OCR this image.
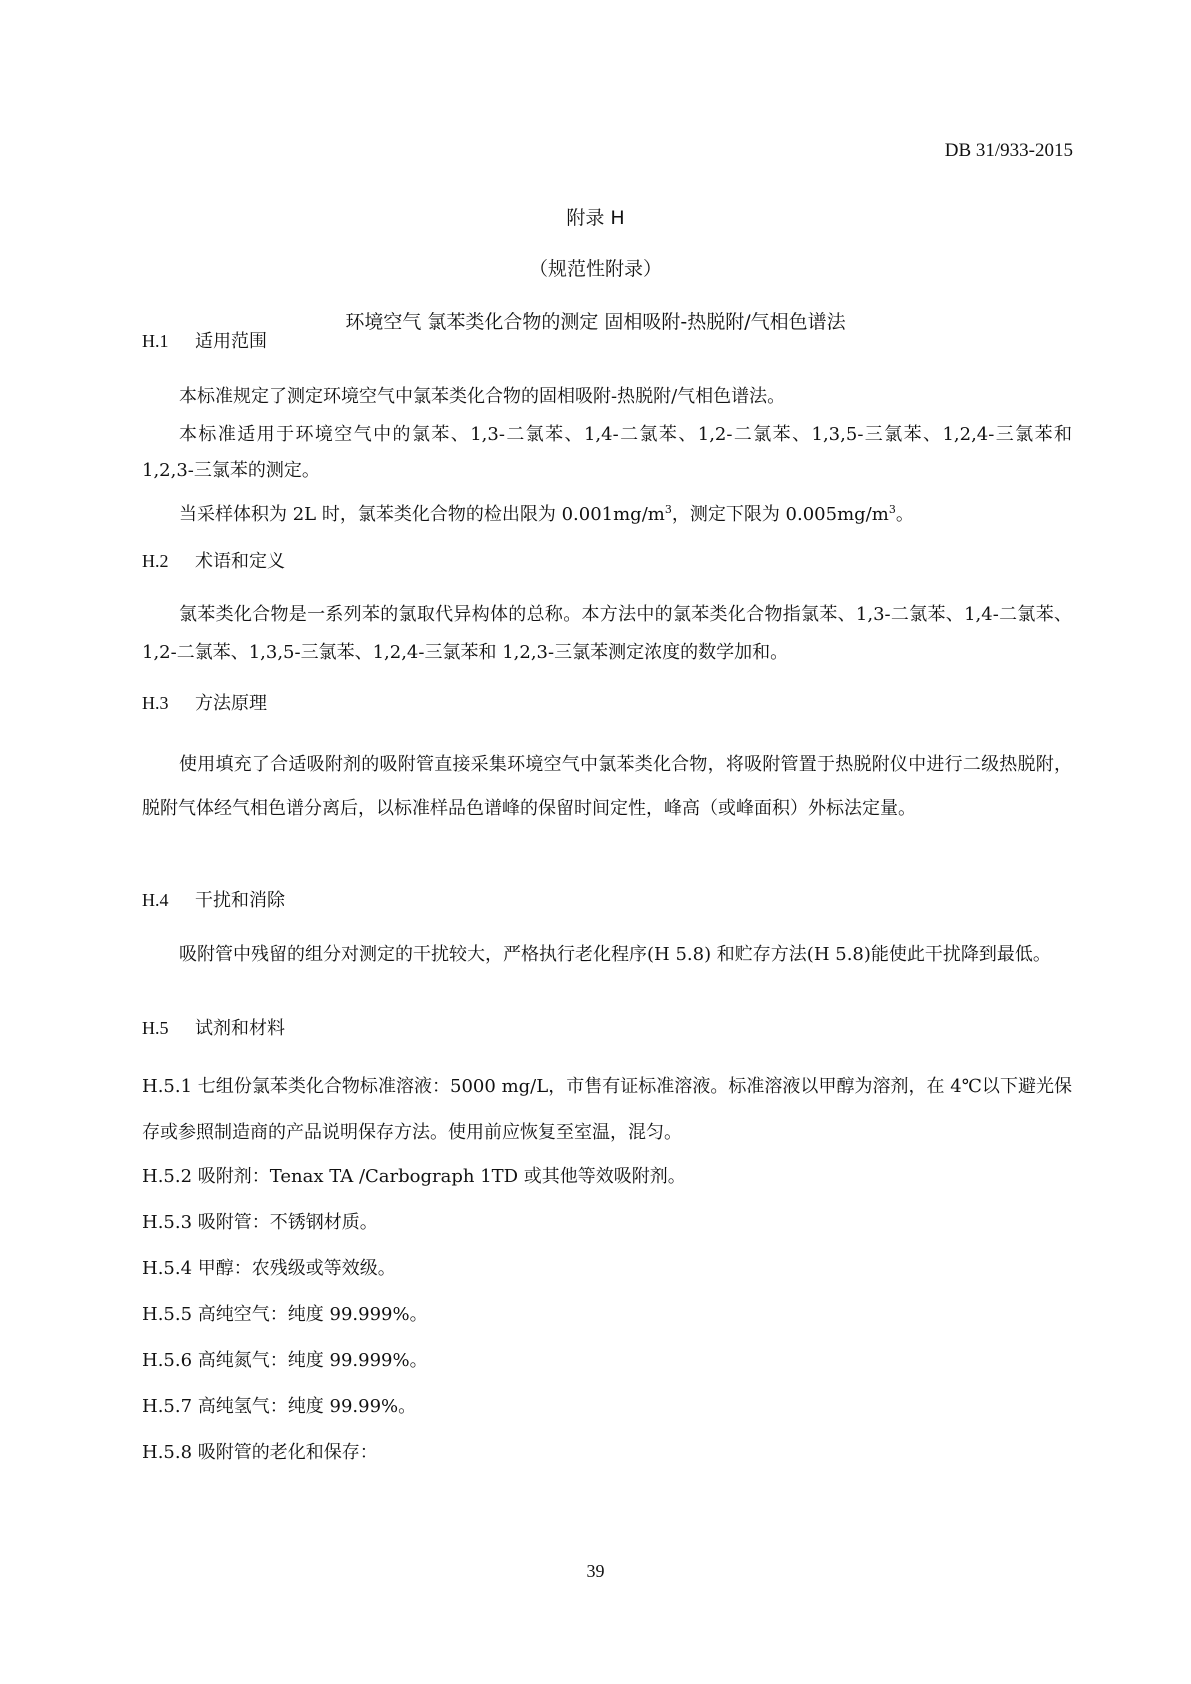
DB 31/933-2015
附录 H
（规范性附录）
环境空气 氯苯类化合物的测定 固相吸附-热脱附/气相色谱法
H.1 适用范围
本标准规定了测定环境空气中氯苯类化合物的固相吸附-热脱附/气相色谱法。
本标准适用于环境空气中的氯苯、1,3-二氯苯、1,4-二氯苯、1,2-二氯苯、1,3,5-三氯苯、1,2,4-三氯苯和 1,2,3-三氯苯的测定。
当采样体积为 2L 时，氯苯类化合物的检出限为 $0.001mg/m^3$，测定下限为 $0.005mg/m^3$。
H.2 术语和定义
氯苯类化合物是一系列苯的氯取代异构体的总称。本方法中的氯苯类化合物指氯苯、1,3-二氯苯、1,4-二氯苯、1,2-二氯苯、1,3,5-三氯苯、1,2,4-三氯苯和 1,2,3-三氯苯测定浓度的数学加和。
H.3 方法原理
使用填充了合适吸附剂的吸附管直接采集环境空气中氯苯类化合物，将吸附管置于热脱附仪中进行二级热脱附，脱附气体经气相色谱分离后，以标准样品色谱峰的保留时间定性，峰高（或峰面积）外标法定量。
H.4 干扰和消除
吸附管中残留的组分对测定的干扰较大，严格执行老化程序(H 5.8) 和贮存方法(H 5.8)能使此干扰降到最低。
H.5 试剂和材料
H.5.1 七组份氯苯类化合物标准溶液：5000 mg/L，市售有证标准溶液。标准溶液以甲醇为溶剂，在 4℃以下避光保存或参照制造商的产品说明保存方法。使用前应恢复至室温，混匀。
H.5.2 吸附剂：Tenax TA /Carbograph 1TD 或其他等效吸附剂。
H.5.3 吸附管：不锈钢材质。
H.5.4 甲醇：农残级或等效级。
H.5.5 高纯空气：纯度 99.999%。
H.5.6 高纯氮气：纯度 99.999%。
H.5.7 高纯氢气：纯度 99.99%。
H.5.8 吸附管的老化和保存：
39
